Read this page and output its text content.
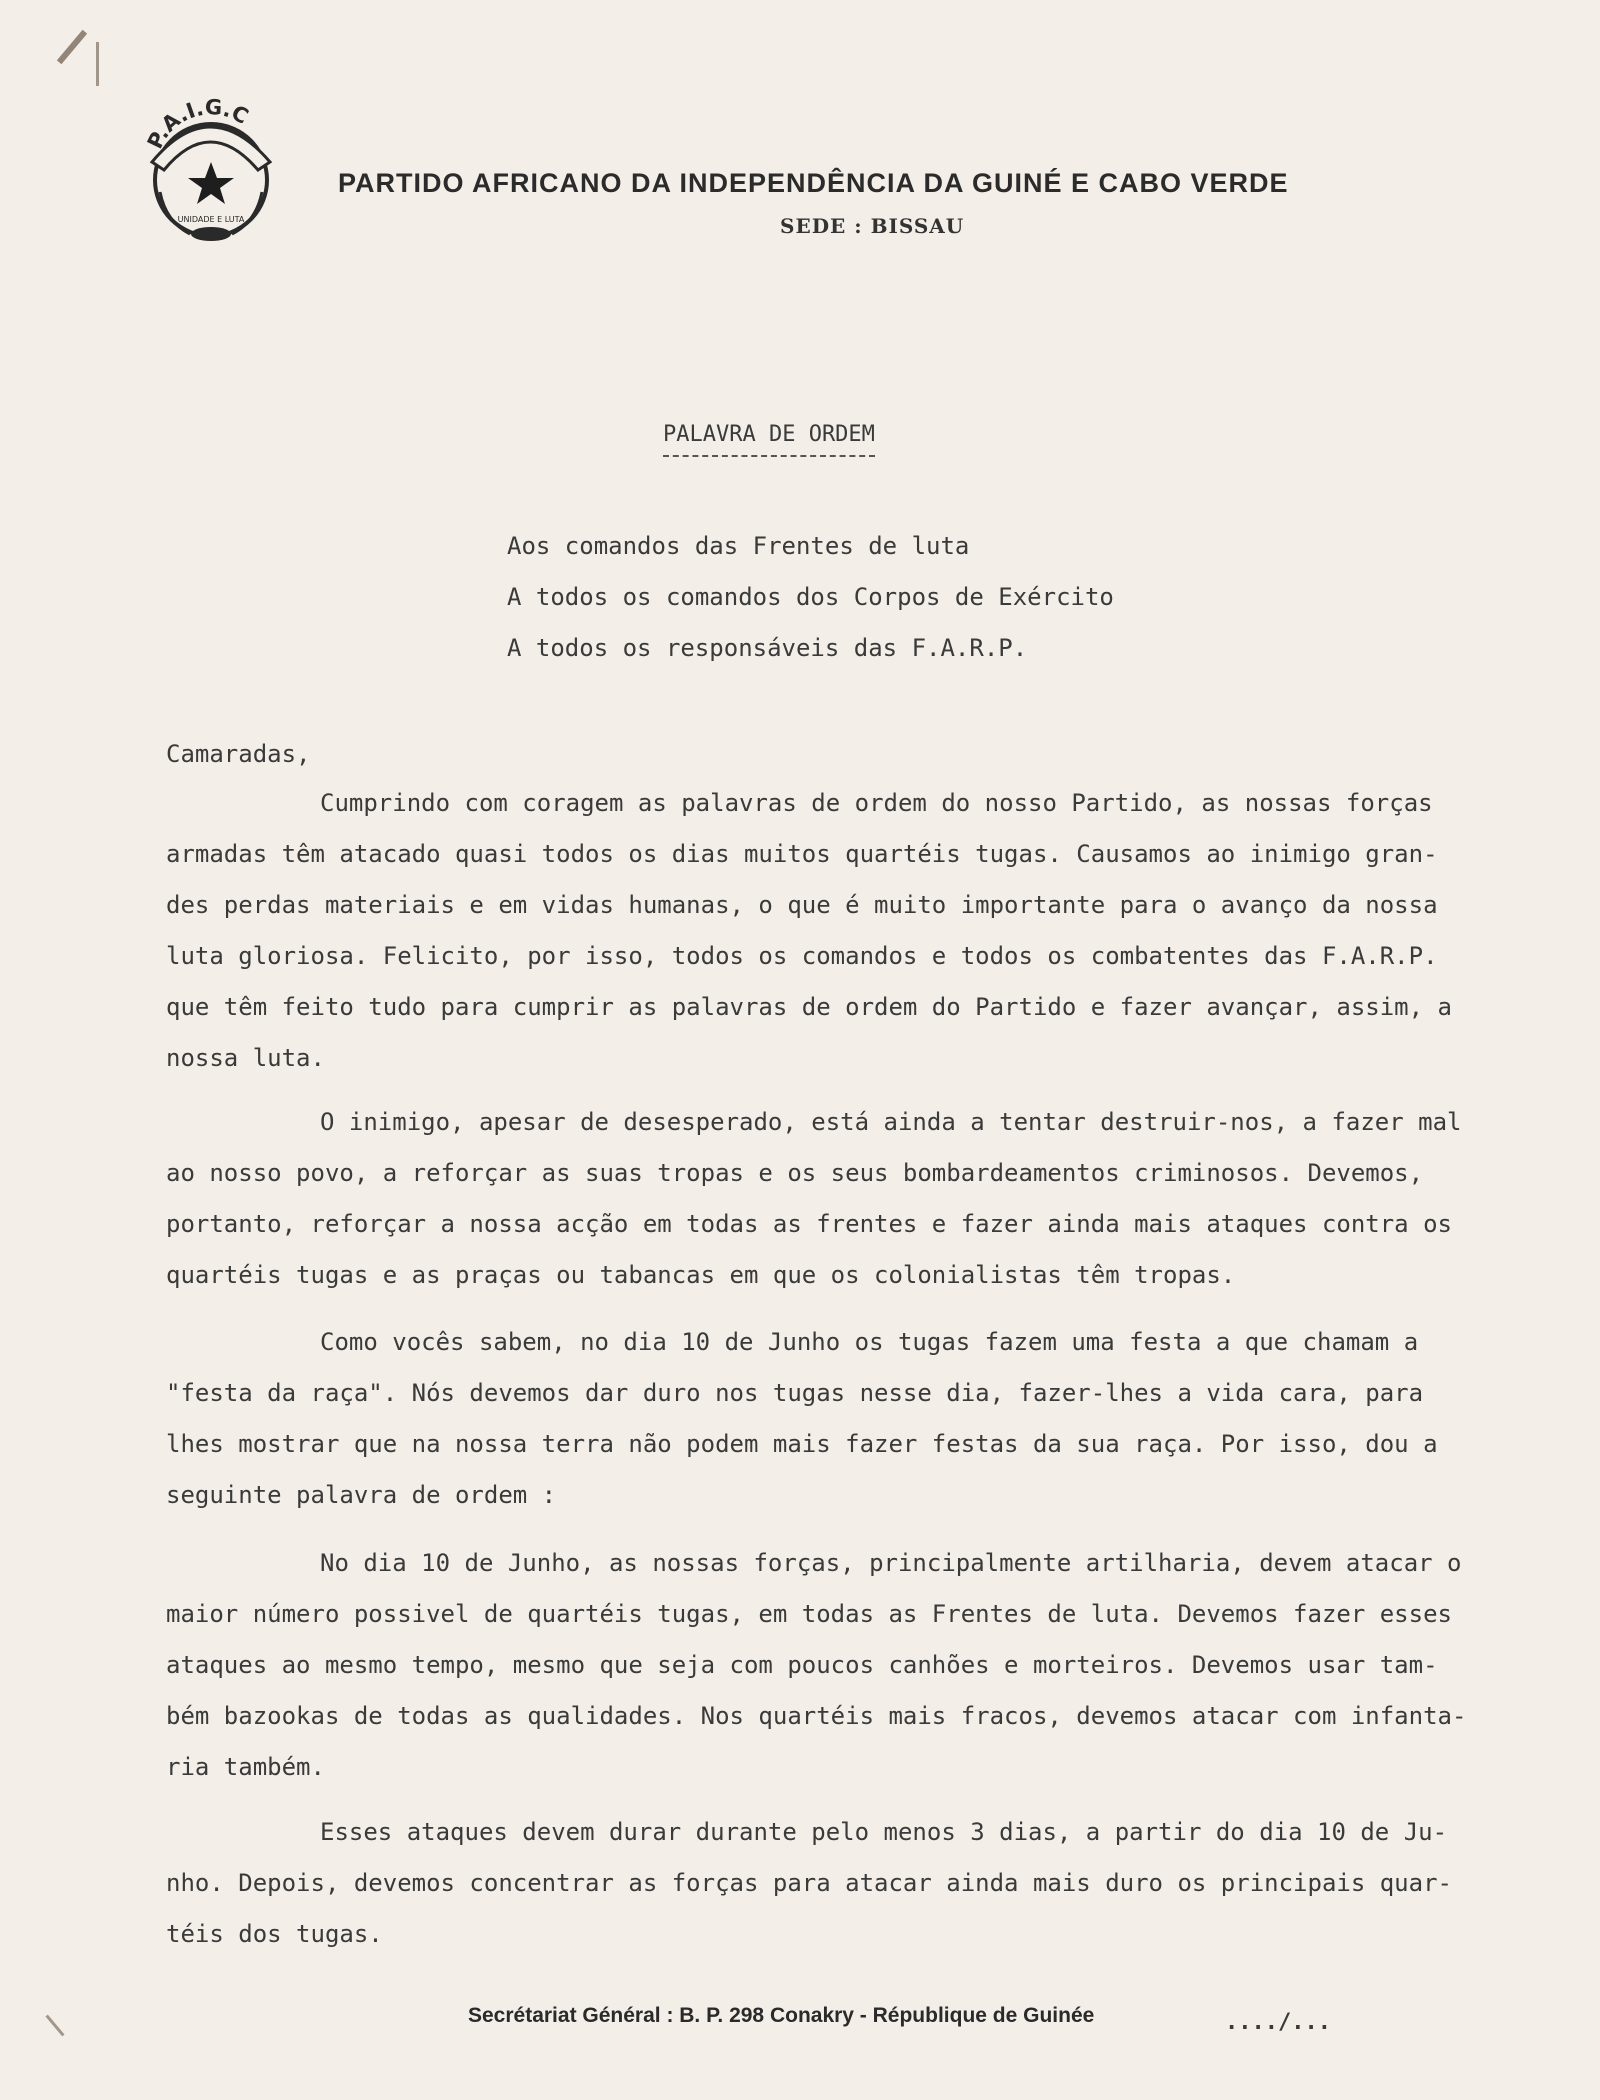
P.A.I.G.C
UNIDADE E LUTA
PARTIDO AFRICANO DA INDEPENDÊNCIA DA GUINÉ E CABO VERDE
SEDE : BISSAU
PALAVRA DE ORDEM
Aos comandos das Frentes de luta
A todos os comandos dos Corpos de Exército
A todos os responsáveis das F.A.R.P.
Camaradas,
Cumprindo com coragem as palavras de ordem do nosso Partido, as nossas forças
armadas têm atacado quasi todos os dias muitos quartéis tugas. Causamos ao inimigo gran-
des perdas materiais e em vidas humanas, o que é muito importante para o avanço da nossa
luta gloriosa. Felicito, por isso, todos os comandos e todos os combatentes das F.A.R.P.
que têm feito tudo para cumprir as palavras de ordem do Partido e fazer avançar, assim, a
nossa luta.
O inimigo, apesar de desesperado, está ainda a tentar destruir-nos, a fazer mal
ao nosso povo, a reforçar as suas tropas e os seus bombardeamentos criminosos. Devemos,
portanto, reforçar a nossa acção em todas as frentes e fazer ainda mais ataques contra os
quartéis tugas e as praças ou tabancas em que os colonialistas têm tropas.
Como vocês sabem, no dia 10 de Junho os tugas fazem uma festa a que chamam a
"festa da raça". Nós devemos dar duro nos tugas nesse dia, fazer-lhes a vida cara, para
lhes mostrar que na nossa terra não podem mais fazer festas da sua raça. Por isso, dou a
seguinte palavra de ordem :
No dia 10 de Junho, as nossas forças, principalmente artilharia, devem atacar o
maior número possivel de quartéis tugas, em todas as Frentes de luta. Devemos fazer esses
ataques ao mesmo tempo, mesmo que seja com poucos canhões e morteiros. Devemos usar tam-
bém bazookas de todas as qualidades. Nos quartéis mais fracos, devemos atacar com infanta-
ria também.
Esses ataques devem durar durante pelo menos 3 dias, a partir do dia 10 de Ju-
nho. Depois, devemos concentrar as forças para atacar ainda mais duro os principais quar-
téis dos tugas.
Secrétariat Général : B. P. 298 Conakry - République de Guinée	..../...
